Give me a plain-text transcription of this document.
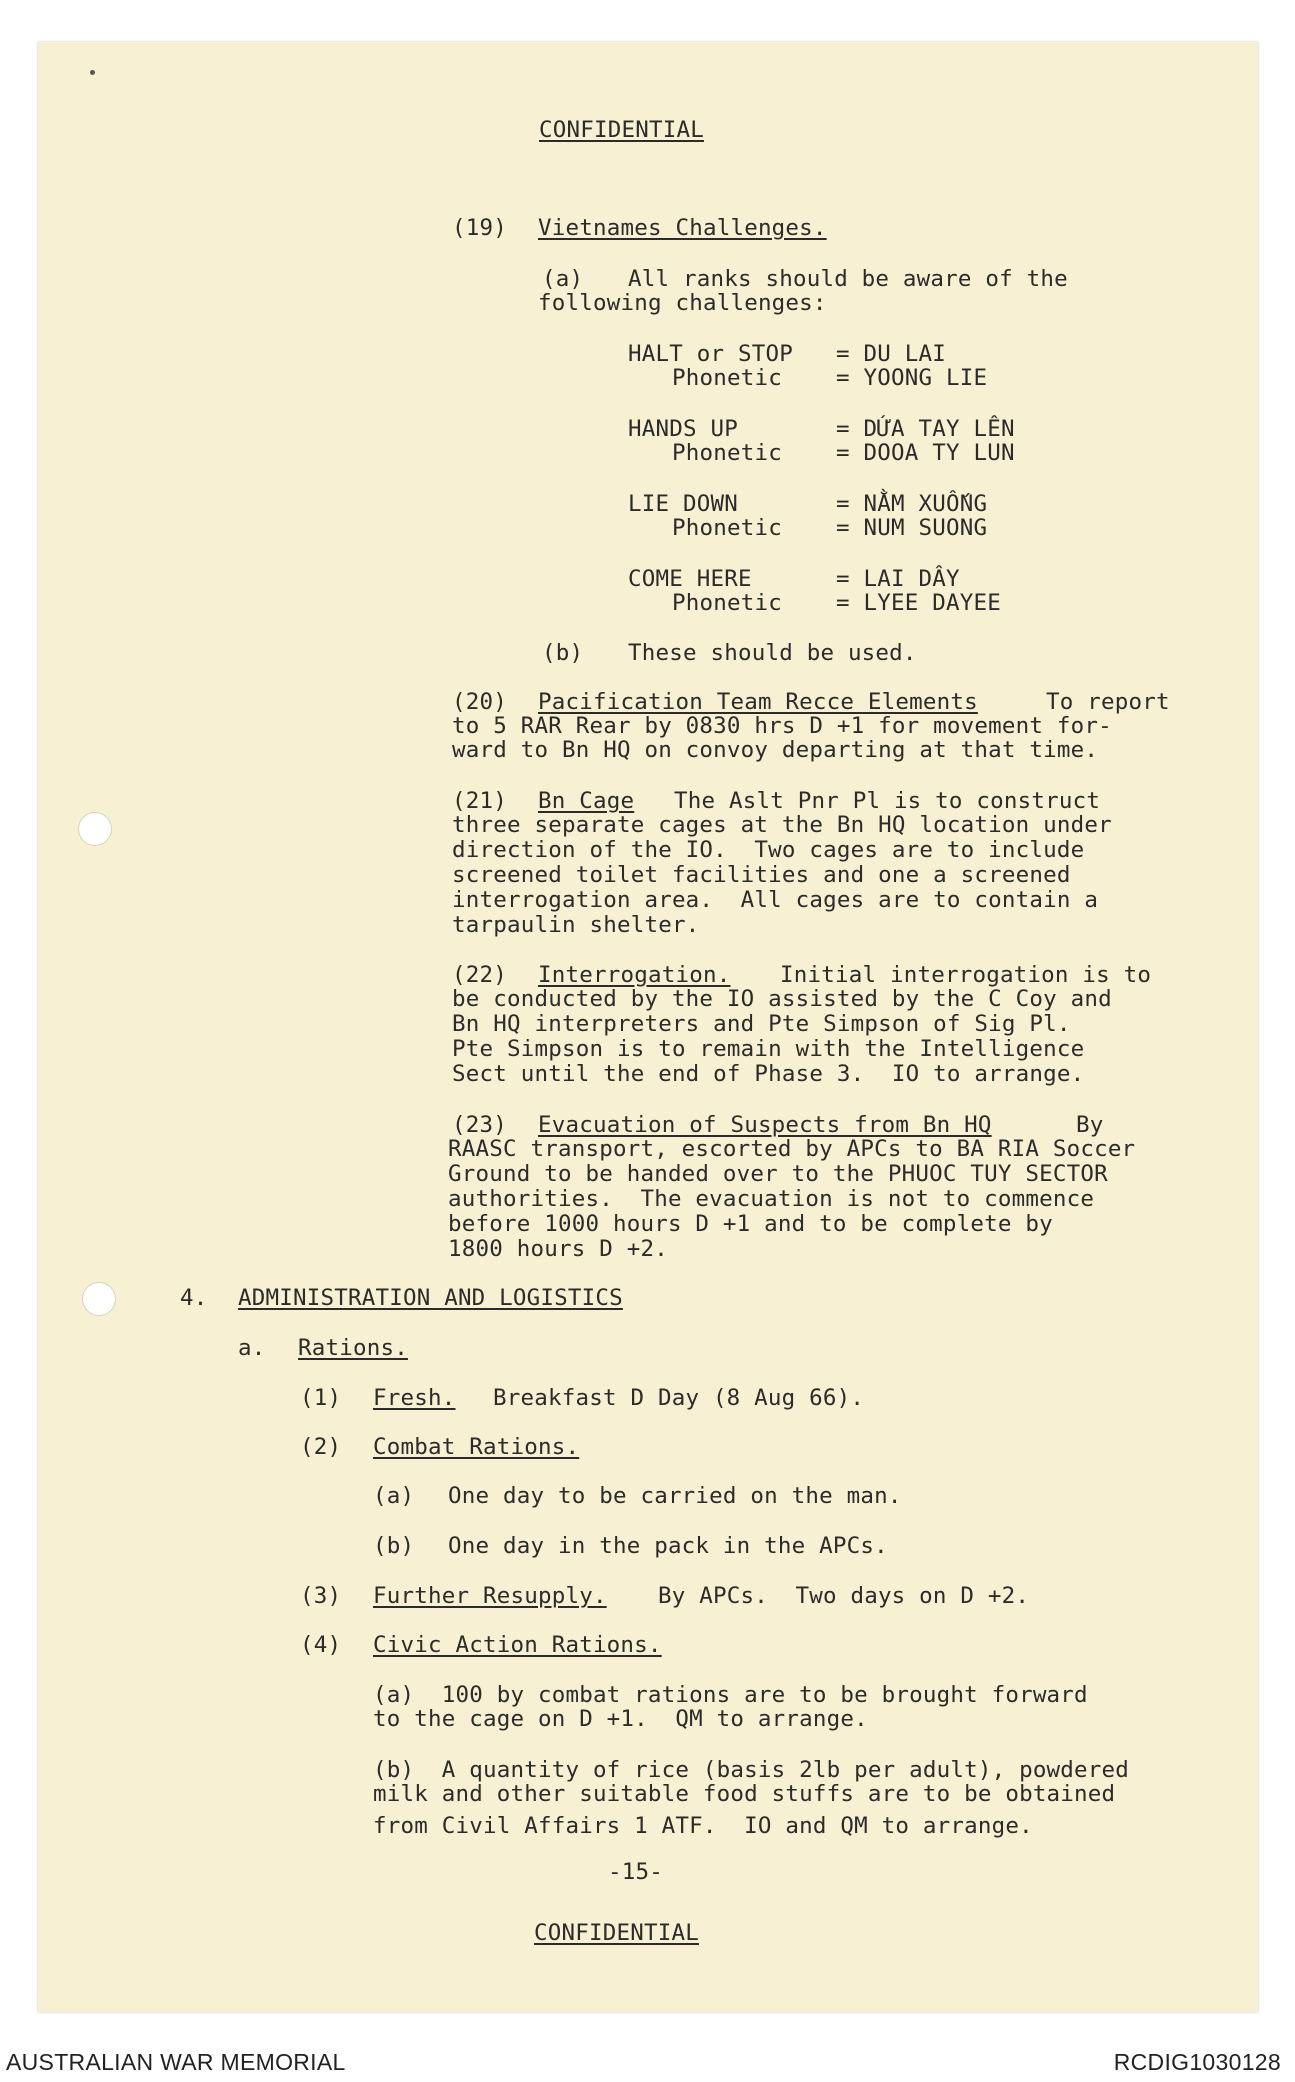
CONFIDENTIAL
(19) Vietnames Challenges.
(a) All ranks should be aware of the
following challenges:
HALT or STOP = DU LAI
Phonetic = YOONG LIE
HANDS UP	= DỨA TAY LÊN
Phonetic = DOOA TY LUN
LIE DOWN	= NẰM XUỐNG
Phonetic = NUM SUONG
COME HERE	= LAI DÂY
Phonetic = LYEE DAYEE
(b) These should be used.
(20) Pacification Team Recce Elements	To report
to 5 RAR Rear by 0830 hrs D +1 for movement for-
ward to Bn HQ on convoy departing at that time.
(21) Bn Cage The Aslt Pnr Pl is to construct
three separate cages at the Bn HQ location under
direction of the IO.  Two cages are to include
screened toilet facilities and one a screened
interrogation area.  All cages are to contain a
tarpaulin shelter.
(22) Interrogation. Initial interrogation is to
be conducted by the IO assisted by the C Coy and
Bn HQ interpreters and Pte Simpson of Sig Pl.
Pte Simpson is to remain with the Intelligence
Sect until the end of Phase 3.  IO to arrange.
(23) Evacuation of Suspects from Bn HQ	By
RAASC transport, escorted by APCs to BA RIA Soccer
Ground to be handed over to the PHUOC TUY SECTOR
authorities.  The evacuation is not to commence
before 1000 hours D +1 and to be complete by
1800 hours D +2.
4. ADMINISTRATION AND LOGISTICS
a. Rations.
(1) Fresh. Breakfast D Day (8 Aug 66).
(2) Combat Rations.
(a) One day to be carried on the man.
(b) One day in the pack in the APCs.
(3) Further Resupply. By APCs.  Two days on D +2.
(4) Civic Action Rations.
(a)  100 by combat rations are to be brought forward
to the cage on D +1.  QM to arrange.
(b)  A quantity of rice (basis 2lb per adult), powdered
milk and other suitable food stuffs are to be obtained
from Civil Affairs 1 ATF.  IO and QM to arrange.
-15-
CONFIDENTIAL
AUSTRALIAN WAR MEMORIAL	RCDIG1030128
